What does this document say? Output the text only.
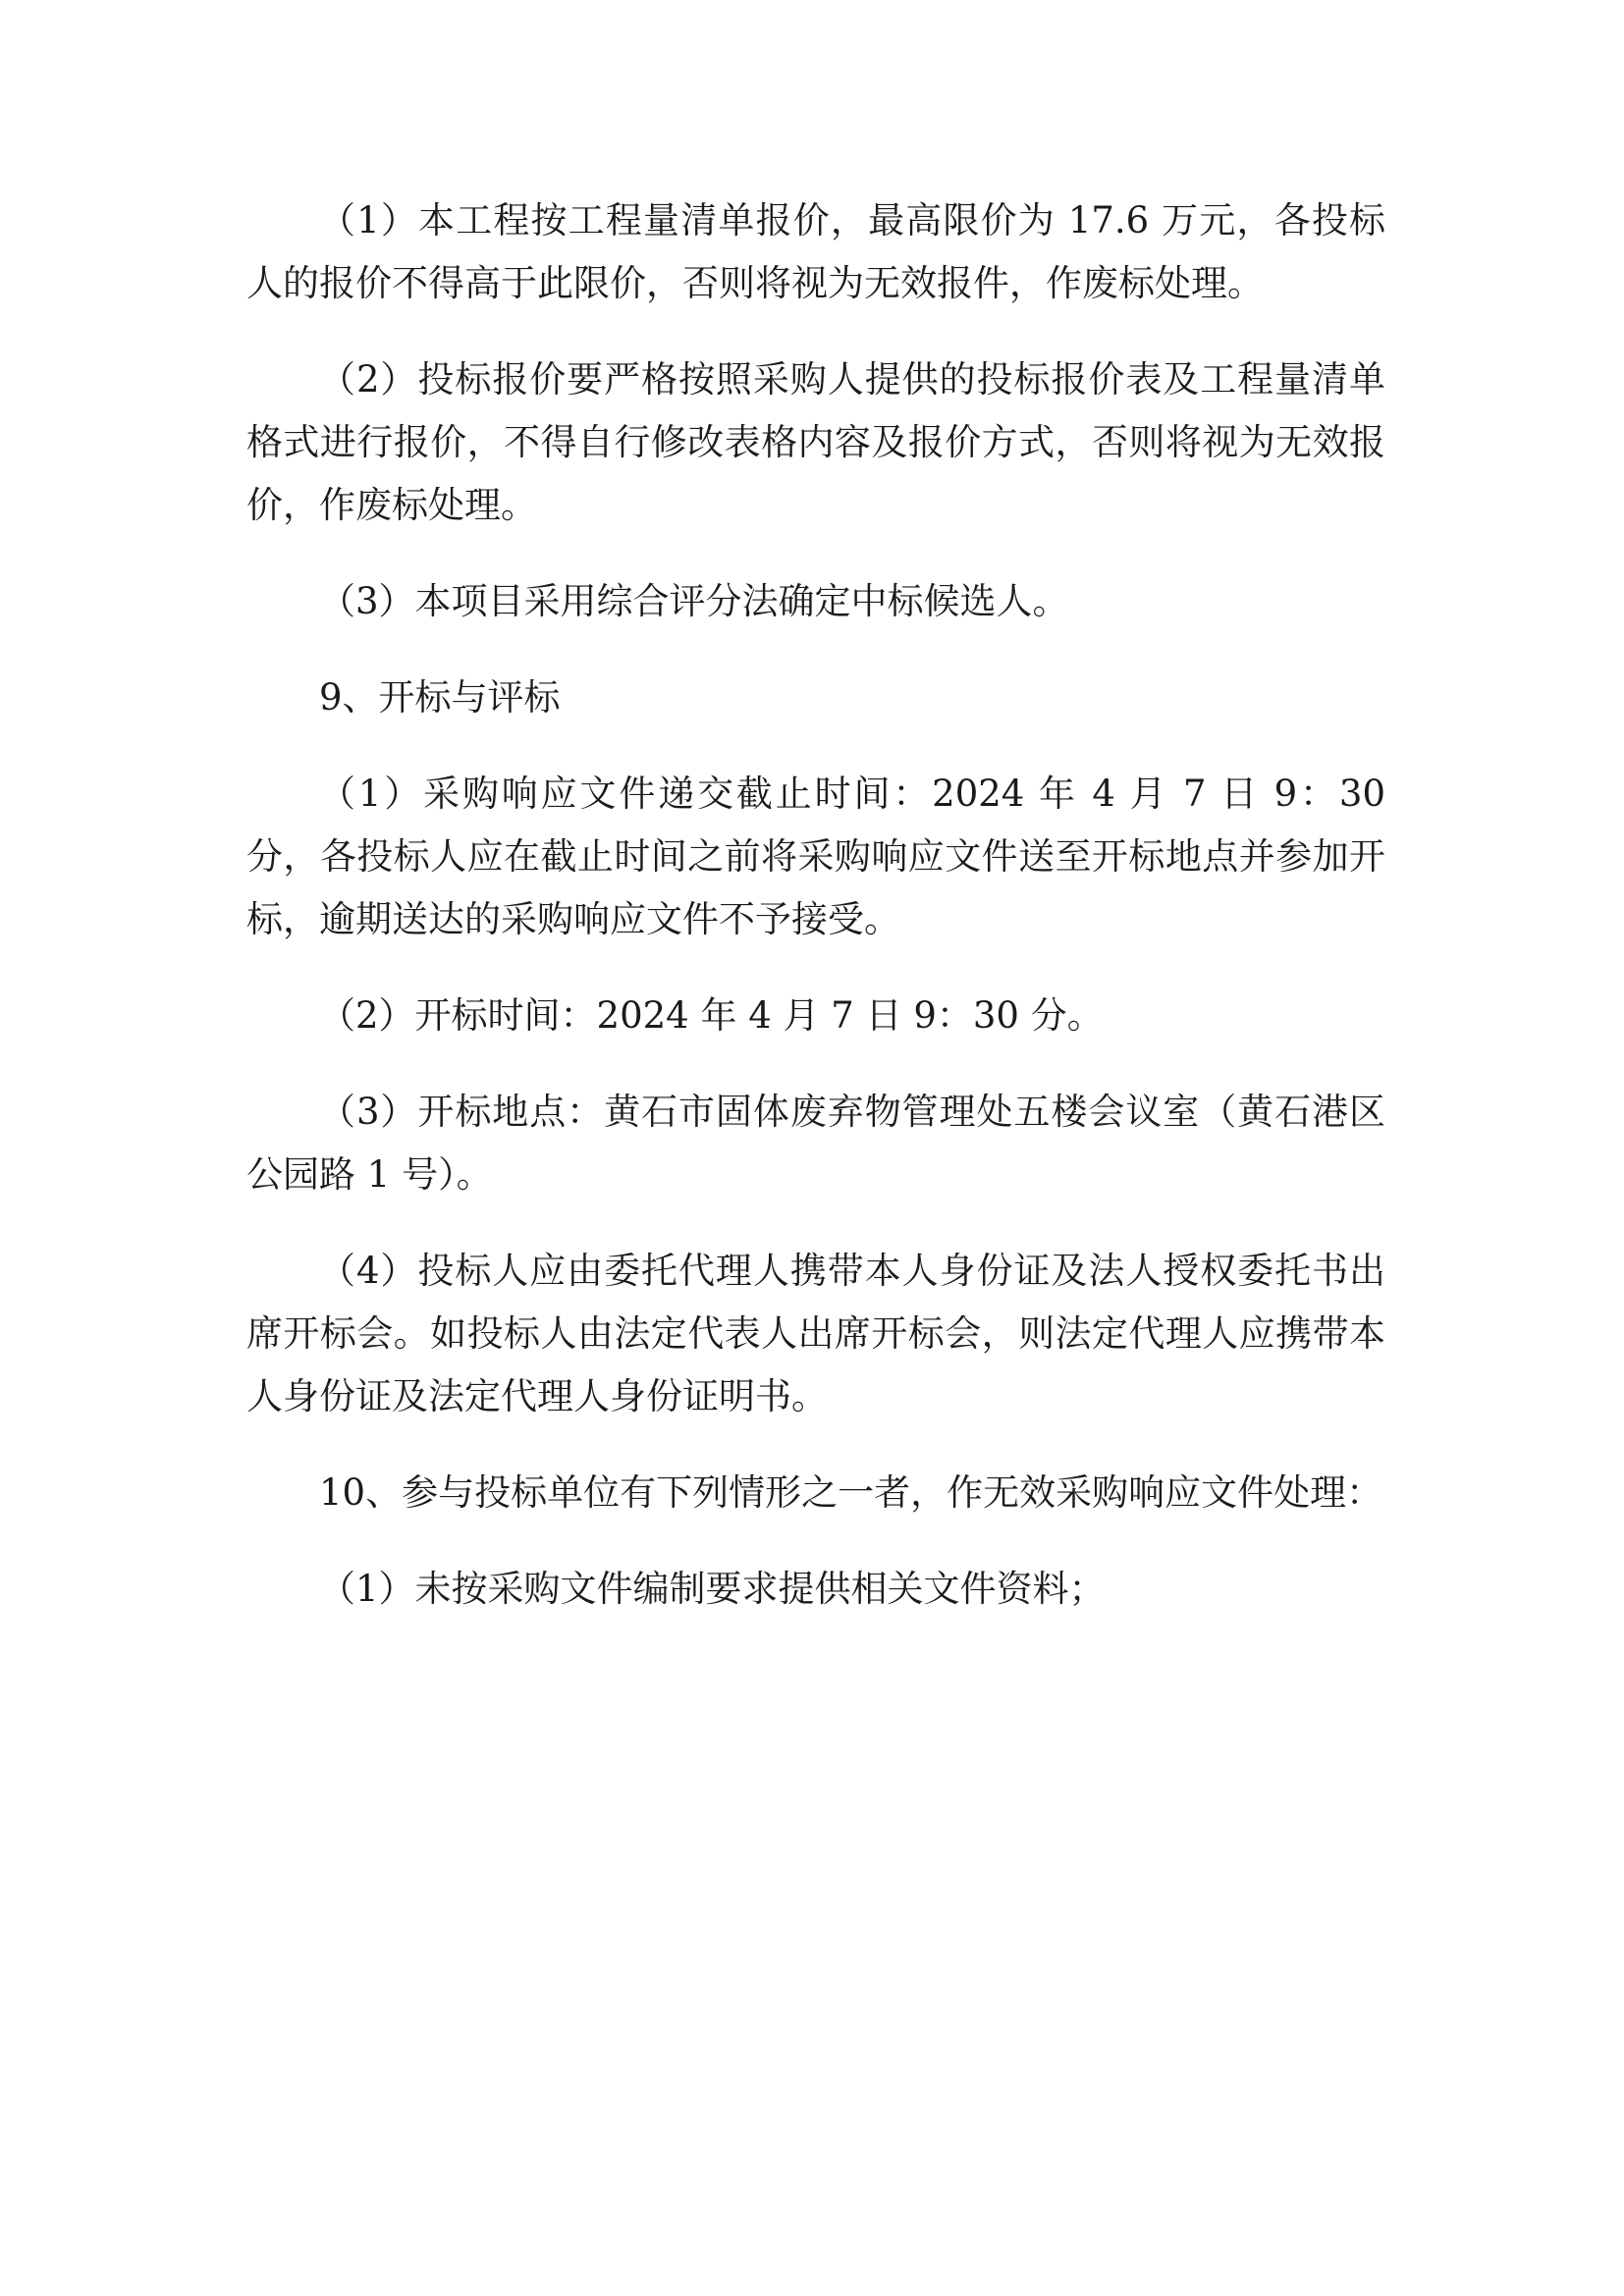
（1）本工程按工程量清单报价，最高限价为 17.6 万元，各投标人的报价不得高于此限价，否则将视为无效报件，作废标处理。

（2）投标报价要严格按照采购人提供的投标报价表及工程量清单格式进行报价，不得自行修改表格内容及报价方式，否则将视为无效报价，作废标处理。

（3）本项目采用综合评分法确定中标候选人。

9、开标与评标

（1）采购响应文件递交截止时间：2024 年 4 月 7 日 9：30 分，各投标人应在截止时间之前将采购响应文件送至开标地点并参加开标，逾期送达的采购响应文件不予接受。

（2）开标时间：2024 年 4 月 7 日 9：30 分。

（3）开标地点：黄石市固体废弃物管理处五楼会议室（黄石港区公园路 1 号）。

（4）投标人应由委托代理人携带本人身份证及法人授权委托书出席开标会。如投标人由法定代表人出席开标会，则法定代理人应携带本人身份证及法定代理人身份证明书。

10、参与投标单位有下列情形之一者，作无效采购响应文件处理：

（1）未按采购文件编制要求提供相关文件资料；
